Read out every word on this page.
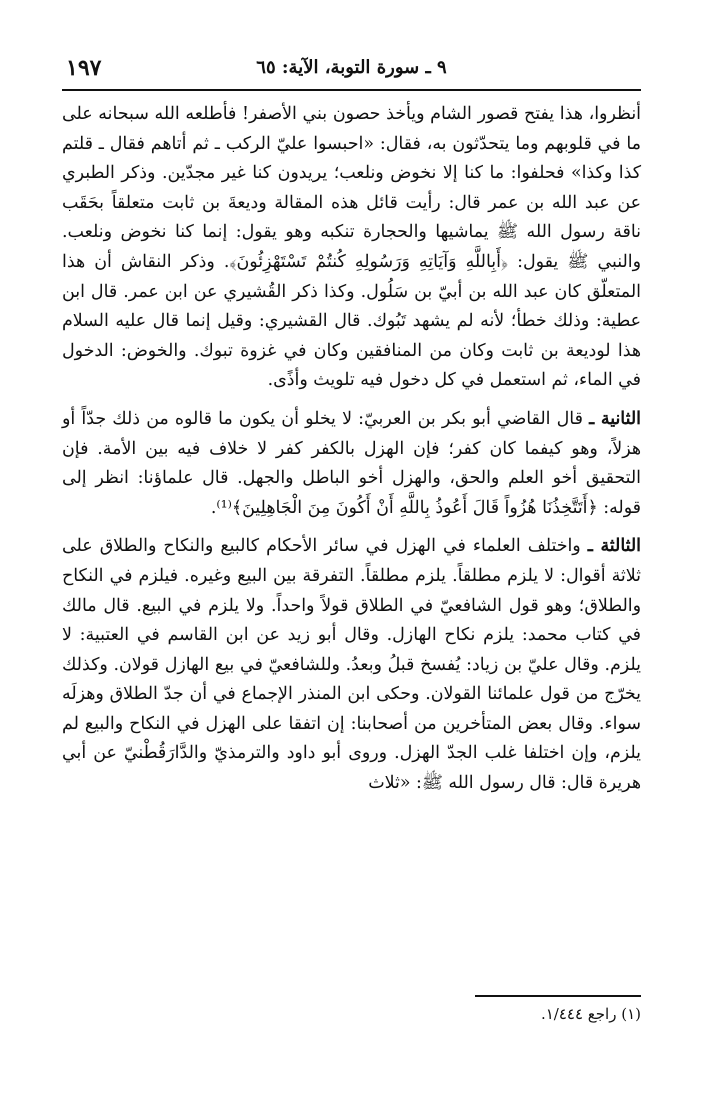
١٩٧	٩ ـ سورة التوبة، الآية: ٦٥

أنظروا، هذا يفتح قصور الشام ويأخذ حصون بني الأصفر! فأطلعه الله سبحانه على ما في قلوبهم وما يتحدّثون به، فقال: «احبسوا عليّ الركب ـ ثم أتاهم فقال ـ قلتم كذا وكذا» فحلفوا: ما كنا إلا نخوض ونلعب؛ يريدون كنا غير مجدّين. وذكر الطبري عن عبد الله بن عمر قال: رأيت قائل هذه المقالة وديعةَ بن ثابت متعلقاً بحَقَب ناقة رسول الله ﷺ يماشيها والحجارة تنكبه وهو يقول: إنما كنا نخوض ونلعب. والنبي ﷺ يقول: ﴿أَبِاللَّهِ وَآيَاتِهِ وَرَسُولِهِ كُنتُمْ تَسْتَهْزِئُونَ﴾. وذكر النقاش أن هذا المتعلّق كان عبد الله بن أبيّ بن سَلُول. وكذا ذكر القُشيري عن ابن عمر. قال ابن عطية: وذلك خطأ؛ لأنه لم يشهد تَبُوك. قال القشيري: وقيل إنما قال عليه السلام هذا لوديعة بن ثابت وكان من المنافقين وكان في غزوة تبوك. والخوض: الدخول في الماء، ثم استعمل في كل دخول فيه تلويث وأذًى.

الثانية ـ قال القاضي أبو بكر بن العربيّ: لا يخلو أن يكون ما قالوه من ذلك جدّاً أو هزلاً، وهو كيفما كان كفر؛ فإن الهزل بالكفر كفر لا خلاف فيه بين الأمة. فإن التحقيق أخو العلم والحق، والهزل أخو الباطل والجهل. قال علماؤنا: انظر إلى قوله: ﴿أَتَتَّخِذُنَا هُزُواً قَالَ أَعُوذُ بِاللَّهِ أَنْ أَكُونَ مِنَ الْجَاهِلِينَ﴾⁽¹⁾.

الثالثة ـ واختلف العلماء في الهزل في سائر الأحكام كالبيع والنكاح والطلاق على ثلاثة أقوال: لا يلزم مطلقاً. يلزم مطلقاً. التفرقة بين البيع وغيره. فيلزم في النكاح والطلاق؛ وهو قول الشافعيّ في الطلاق قولاً واحداً. ولا يلزم في البيع. قال مالك في كتاب محمد: يلزم نكاح الهازل. وقال أبو زيد عن ابن القاسم في العتبية: لا يلزم. وقال عليّ بن زياد: يُفسخ قبلُ وبعدُ. وللشافعيّ في بيع الهازل قولان. وكذلك يخرّج من قول علمائنا القولان. وحكى ابن المنذر الإجماع في أن جدّ الطلاق وهزلَه سواء. وقال بعض المتأخرين من أصحابنا: إن اتفقا على الهزل في النكاح والبيع لم يلزم، وإن اختلفا غلب الجدّ الهزل. وروى أبو داود والترمذيّ والدَّارَقُطْنيّ عن أبي هريرة قال: قال رسول الله ﷺ: «ثلاث

(١) راجع ١/٤٤٤.
